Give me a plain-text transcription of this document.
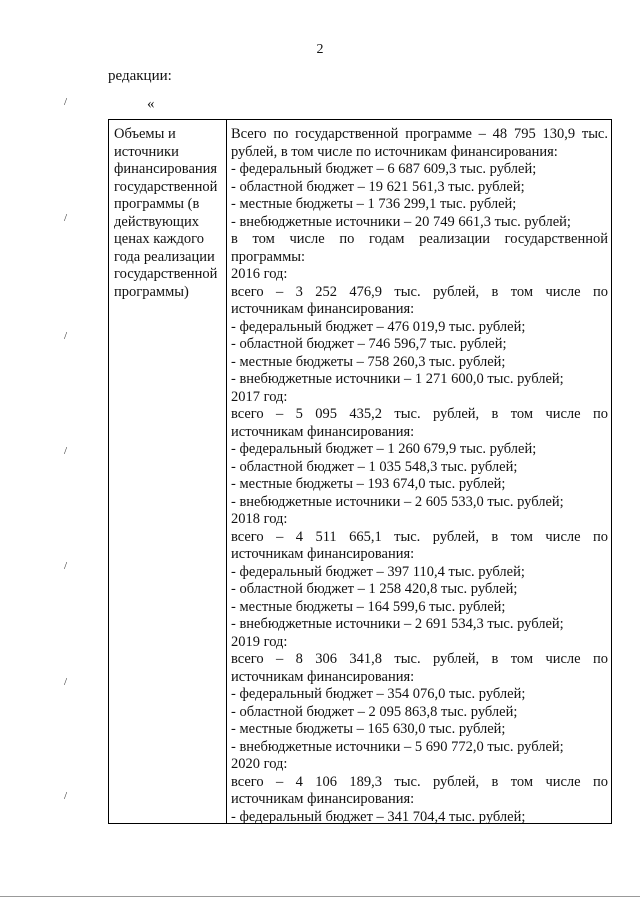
2
редакции:
«
/
/
/
/
/
/
/
Объемы и
источники
финансирования
государственной
программы (в
действующих
ценах каждого
года реализации
государственной
программы)
Всего по государственной программе – 48 795 130,9 тыс.
рублей, в том числе по источникам финансирования:
- федеральный бюджет – 6 687 609,3 тыс. рублей;
- областной бюджет – 19 621 561,3 тыс. рублей;
- местные бюджеты – 1 736 299,1 тыс. рублей;
- внебюджетные источники – 20 749 661,3 тыс. рублей;
в том числе по годам реализации государственной
программы:
2016 год:
всего – 3 252 476,9 тыс. рублей, в том числе по
источникам финансирования:
- федеральный бюджет – 476 019,9 тыс. рублей;
- областной бюджет – 746 596,7 тыс. рублей;
- местные бюджеты – 758 260,3 тыс. рублей;
- внебюджетные источники – 1 271 600,0 тыс. рублей;
2017 год:
всего – 5 095 435,2 тыс. рублей, в том числе по
источникам финансирования:
- федеральный бюджет – 1 260 679,9 тыс. рублей;
- областной бюджет – 1 035 548,3 тыс. рублей;
- местные бюджеты – 193 674,0 тыс. рублей;
- внебюджетные источники – 2 605 533,0 тыс. рублей;
2018 год:
всего – 4 511 665,1 тыс. рублей, в том числе по
источникам финансирования:
- федеральный бюджет – 397 110,4 тыс. рублей;
- областной бюджет – 1 258 420,8 тыс. рублей;
- местные бюджеты – 164 599,6 тыс. рублей;
- внебюджетные источники – 2 691 534,3 тыс. рублей;
2019 год:
всего – 8 306 341,8 тыс. рублей, в том числе по
источникам финансирования:
- федеральный бюджет – 354 076,0 тыс. рублей;
- областной бюджет – 2 095 863,8 тыс. рублей;
- местные бюджеты – 165 630,0 тыс. рублей;
- внебюджетные источники – 5 690 772,0 тыс. рублей;
2020 год:
всего – 4 106 189,3 тыс. рублей, в том числе по
источникам финансирования:
- федеральный бюджет – 341 704,4 тыс. рублей;
